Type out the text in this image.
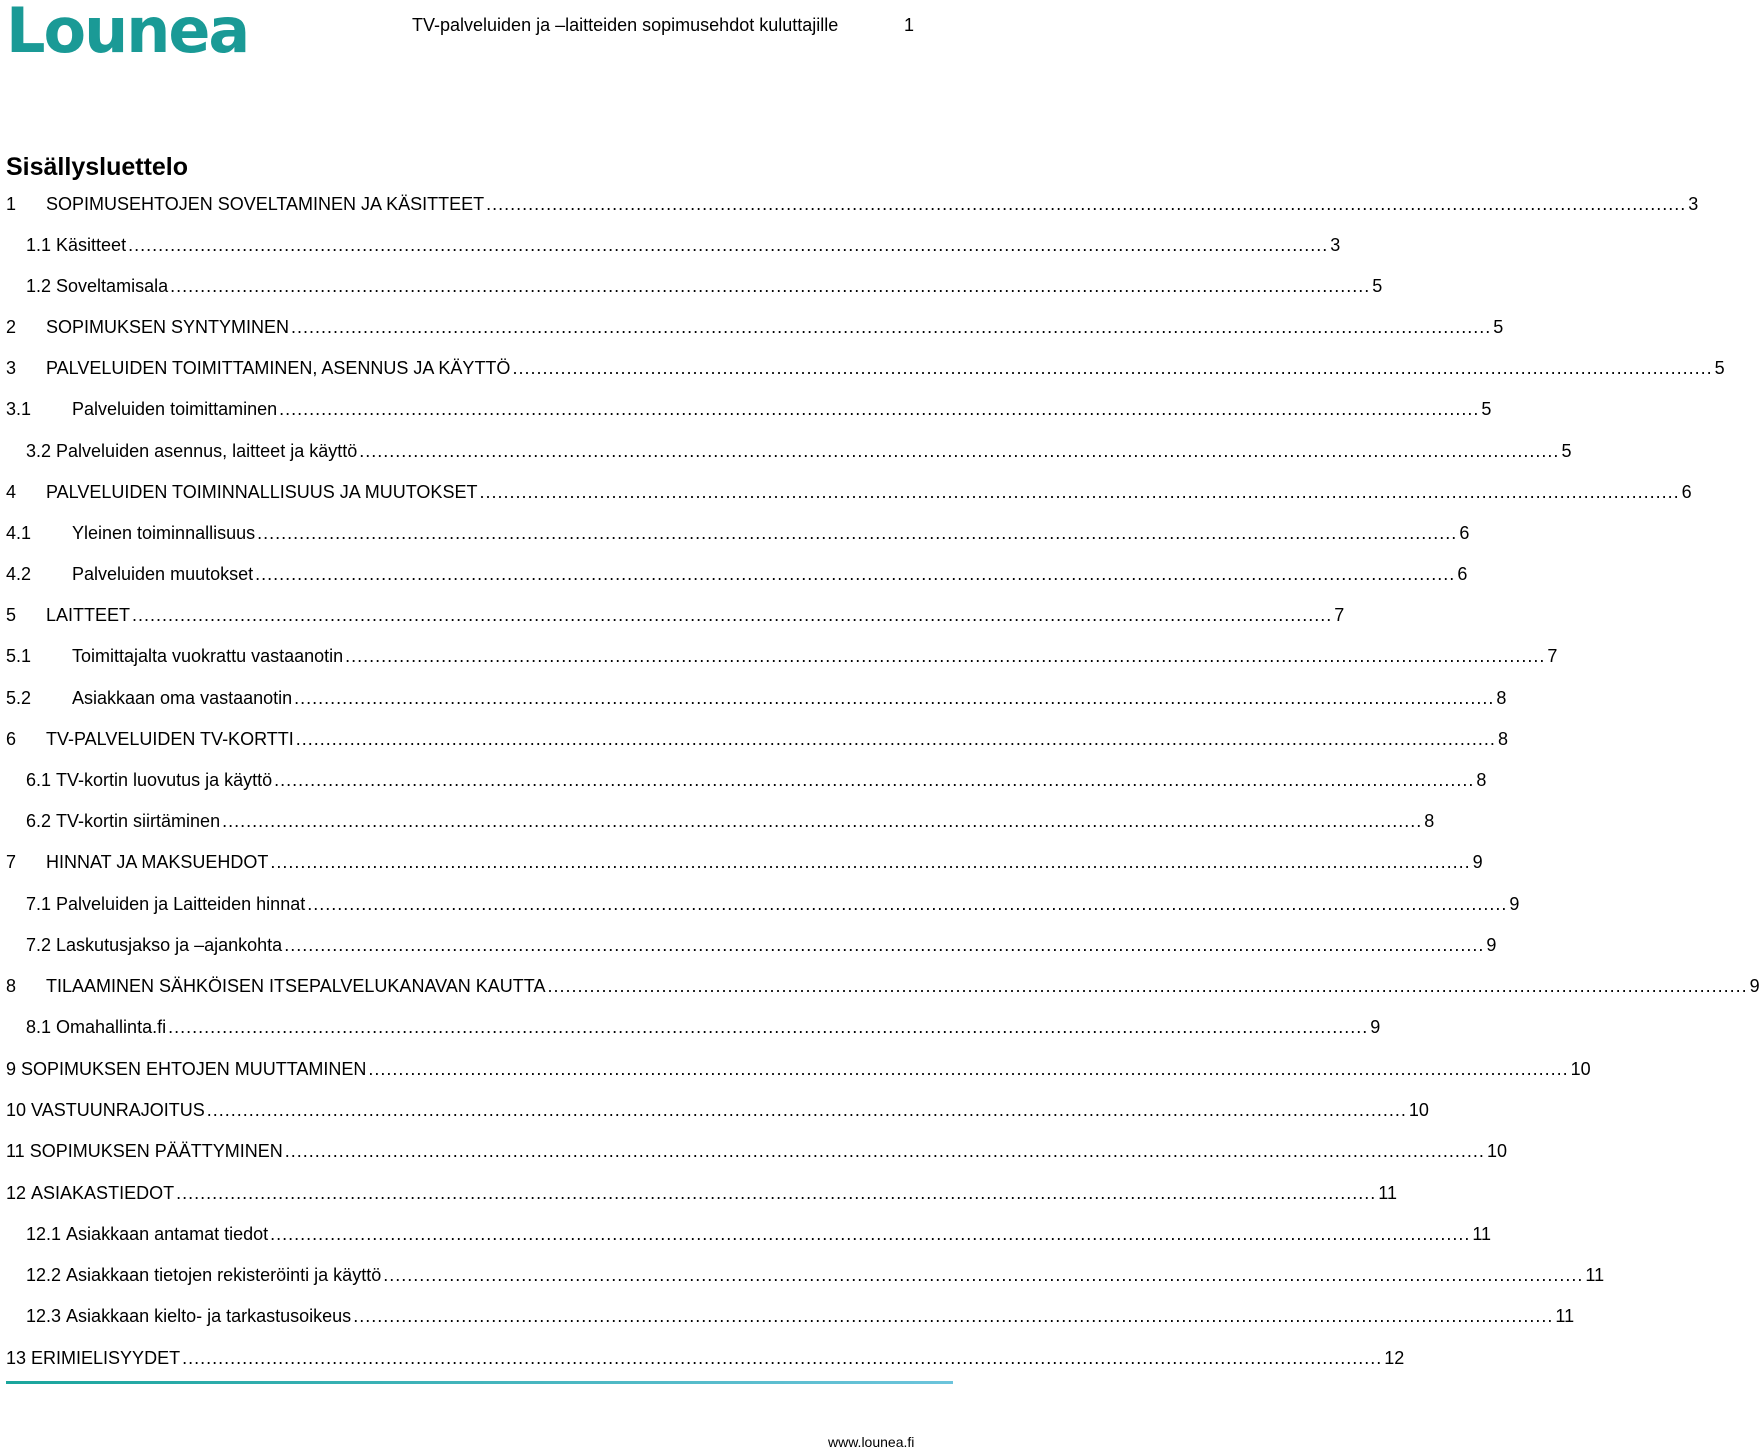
Lounea	TV-palveluiden ja –laitteiden sopimusehdot kuluttajille	1
Sisällysluettelo
1	SOPIMUSEHTOJEN SOVELTAMINEN JA KÄSITTEET ........................................................................................................................................................................................................ 3
1.1 Käsitteet ........................................................................................................................................................................................................ 3
1.2 Soveltamisala ........................................................................................................................................................................................................ 5
2	SOPIMUKSEN SYNTYMINEN ........................................................................................................................................................................................................ 5
3	PALVELUIDEN TOIMITTAMINEN, ASENNUS JA KÄYTTÖ ........................................................................................................................................................................................................ 5
3.1	Palveluiden toimittaminen ........................................................................................................................................................................................................ 5
3.2 Palveluiden asennus, laitteet ja käyttö ........................................................................................................................................................................................................ 5
4	PALVELUIDEN TOIMINNALLISUUS JA MUUTOKSET ........................................................................................................................................................................................................ 6
4.1	Yleinen toiminnallisuus ........................................................................................................................................................................................................ 6
4.2	Palveluiden muutokset ........................................................................................................................................................................................................ 6
5	LAITTEET ........................................................................................................................................................................................................ 7
5.1	Toimittajalta vuokrattu vastaanotin ........................................................................................................................................................................................................ 7
5.2	Asiakkaan oma vastaanotin ........................................................................................................................................................................................................ 8
6	TV-PALVELUIDEN TV-KORTTI ........................................................................................................................................................................................................ 8
6.1 TV-kortin luovutus ja käyttö ........................................................................................................................................................................................................ 8
6.2 TV-kortin siirtäminen ........................................................................................................................................................................................................ 8
7	HINNAT JA MAKSUEHDOT ........................................................................................................................................................................................................ 9
7.1 Palveluiden ja Laitteiden hinnat ........................................................................................................................................................................................................ 9
7.2 Laskutusjakso ja –ajankohta ........................................................................................................................................................................................................ 9
8	TILAAMINEN SÄHKÖISEN ITSEPALVELUKANAVAN KAUTTA ........................................................................................................................................................................................................ 9
8.1 Omahallinta.fi ........................................................................................................................................................................................................ 9
9 SOPIMUKSEN EHTOJEN MUUTTAMINEN ........................................................................................................................................................................................................ 10
10 VASTUUNRAJOITUS ........................................................................................................................................................................................................ 10
11 SOPIMUKSEN PÄÄTTYMINEN ........................................................................................................................................................................................................ 10
12 ASIAKASTIEDOT ........................................................................................................................................................................................................ 11
12.1 Asiakkaan antamat tiedot ........................................................................................................................................................................................................ 11
12.2 Asiakkaan tietojen rekisteröinti ja käyttö ........................................................................................................................................................................................................ 11
12.3 Asiakkaan kielto- ja tarkastusoikeus ........................................................................................................................................................................................................ 11
13 ERIMIELISYYDET ........................................................................................................................................................................................................ 12
www.lounea.fi
